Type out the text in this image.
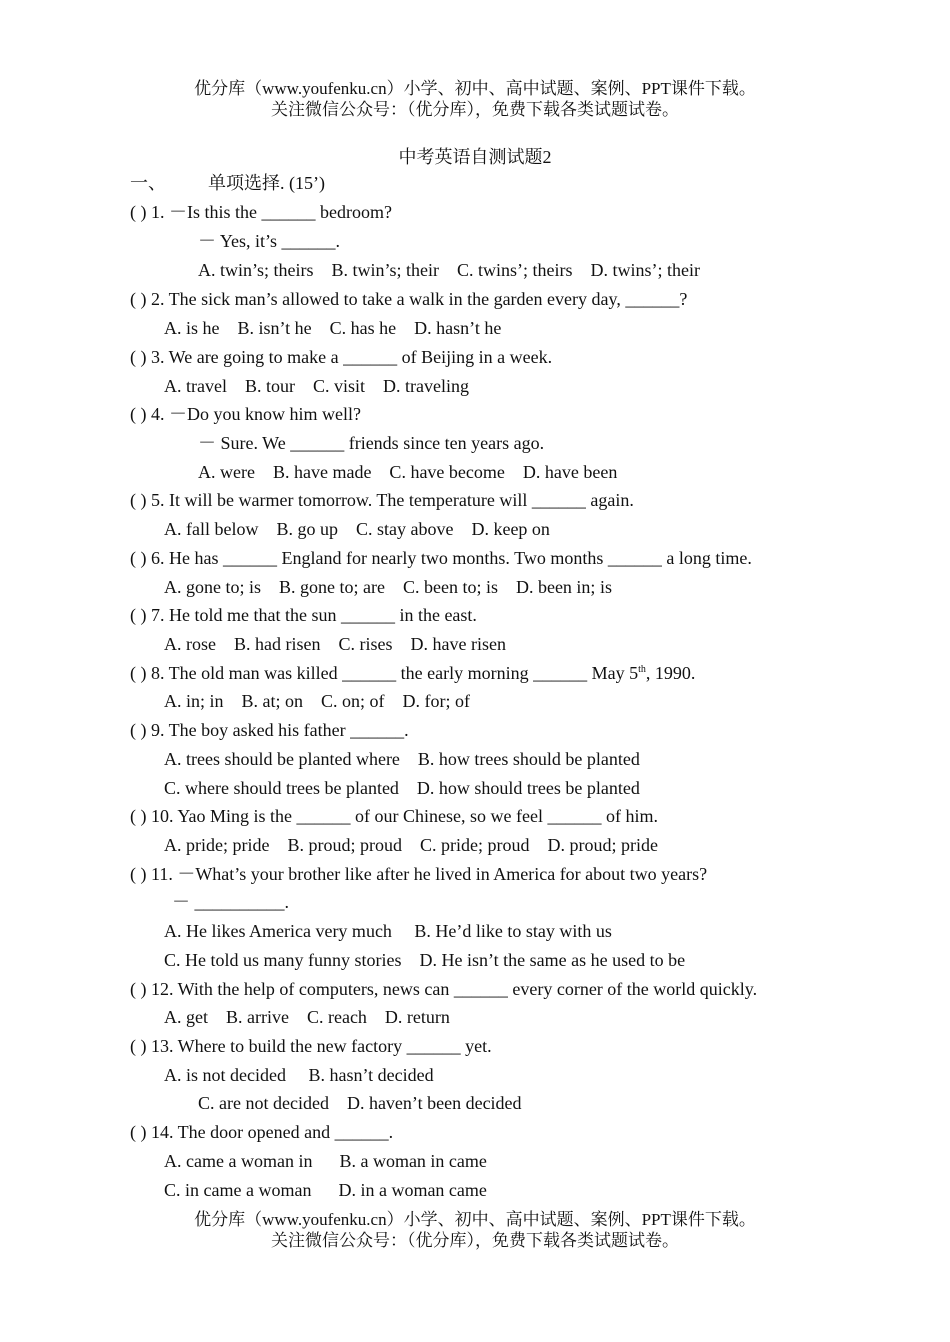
优分库（www.youfenku.cn）小学、初中、高中试题、案例、PPT课件下载。
关注微信公众号：（优分库），免费下载各类试题试卷。
中考英语自测试题2
一、 单项选择. (15’)
( ) 1. －Is this the ______ bedroom?
－ Yes, it’s ______.
A. twin’s; theirs    B. twin’s; their    C. twins’; theirs    D. twins’; their
( ) 2. The sick man’s allowed to take a walk in the garden every day, ______?
A. is he    B. isn’t he    C. has he    D. hasn’t he
( ) 3. We are going to make a ______ of Beijing in a week.
A. travel    B. tour    C. visit    D. traveling
( ) 4. －Do you know him well?
－ Sure. We ______ friends since ten years ago.
A. were    B. have made    C. have become    D. have been
( ) 5. It will be warmer tomorrow. The temperature will ______ again.
A. fall below    B. go up    C. stay above    D. keep on
( ) 6. He has ______ England for nearly two months. Two months ______ a long time.
A. gone to; is    B. gone to; are    C. been to; is    D. been in; is
( ) 7. He told me that the sun ______ in the east.
A. rose    B. had risen    C. rises    D. have risen
( ) 8. The old man was killed ______ the early morning ______ May 5th, 1990.
A. in; in    B. at; on    C. on; of    D. for; of
( ) 9. The boy asked his father ______.
A. trees should be planted where    B. how trees should be planted
C. where should trees be planted    D. how should trees be planted
( ) 10. Yao Ming is the ______ of our Chinese, so we feel ______ of him.
A. pride; pride    B. proud; proud    C. pride; proud    D. proud; pride
( ) 11. －What’s your brother like after he lived in America for about two years?
－ __________.
A. He likes America very much     B. He’d like to stay with us
C. He told us many funny stories    D. He isn’t the same as he used to be
( ) 12. With the help of computers, news can ______ every corner of the world quickly.
A. get    B. arrive    C. reach    D. return
( ) 13. Where to build the new factory ______ yet.
A. is not decided     B. hasn’t decided
C. are not decided    D. haven’t been decided
( ) 14. The door opened and ______.
A. came a woman in      B. a woman in came
C. in came a woman      D. in a woman came
优分库（www.youfenku.cn）小学、初中、高中试题、案例、PPT课件下载。
关注微信公众号：（优分库），免费下载各类试题试卷。
